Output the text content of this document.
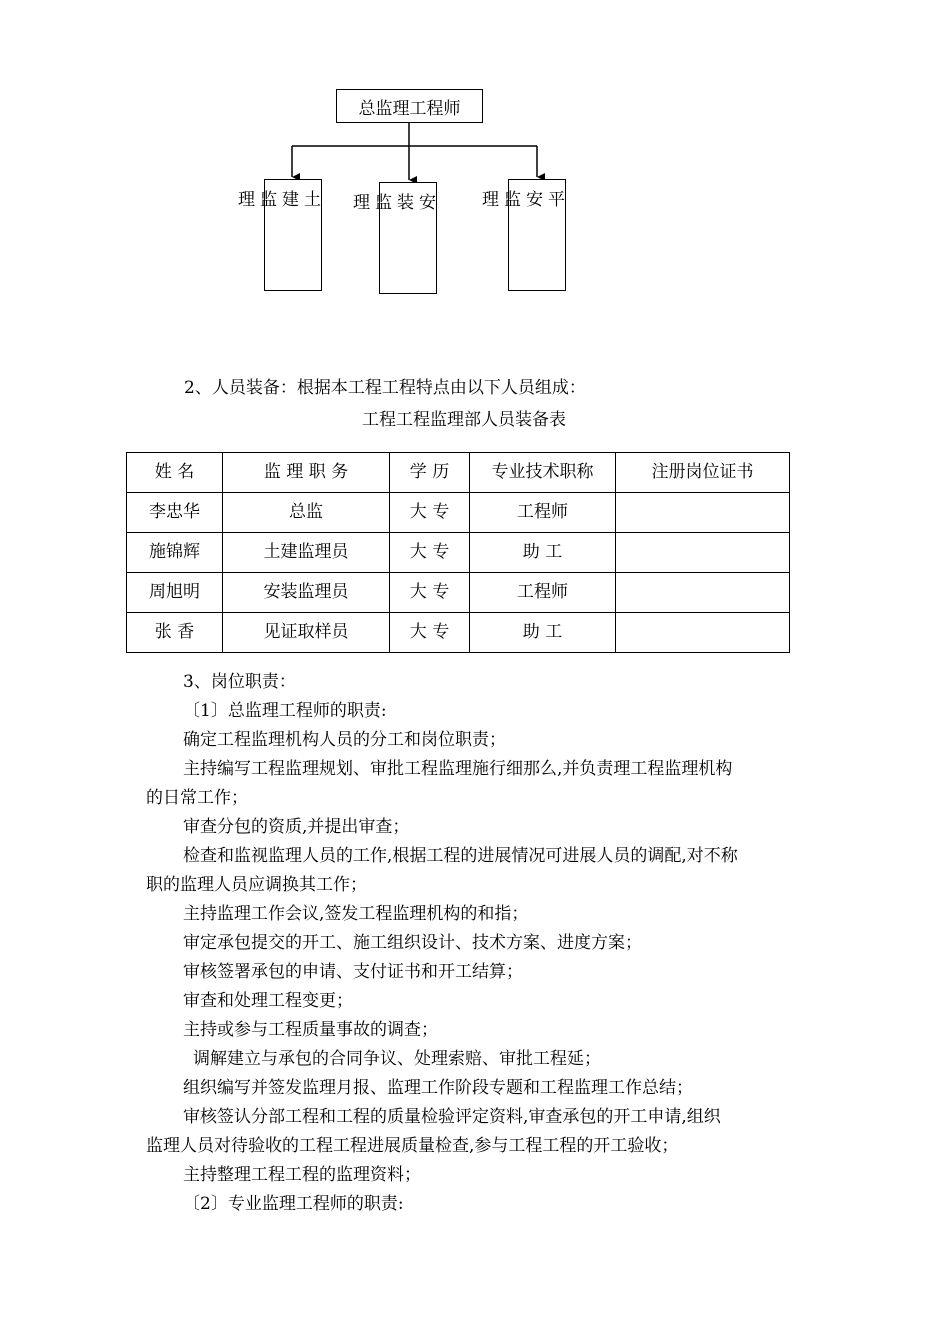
总监理工程师
土
建
监
理	安
装
监
理	平
安
监
理
2、人员装备：根据本工程工程特点由以下人员组成：
工程工程监理部人员装备表
姓 名	监 理 职 务	学 历	专业技术职称	注册岗位证书
李忠华	总监	大 专	工程师	
施锦辉	土建监理员	大 专	助 工	
周旭明	安装监理员	大 专	工程师	
张 香	见证取样员	大 专	助 工	

3、岗位职责：

〔1〕总监理工程师的职责:

确定工程监理机构人员的分工和岗位职责；

主持编写工程监理规划、审批工程监理施行细那么,并负责理工程监理机构

的日常工作；

审查分包的资质,并提出审查；

检查和监视监理人员的工作,根据工程的进展情况可进展人员的调配,对不称

职的监理人员应调换其工作；

主持监理工作会议,签发工程监理机构的和指；

审定承包提交的开工、施工组织设计、技术方案、进度方案；

审核签署承包的申请、支付证书和开工结算；

审查和处理工程变更；

主持或参与工程质量事故的调查；

调解建立与承包的合同争议、处理索赔、审批工程延；

组织编写并签发监理月报、监理工作阶段专题和工程监理工作总结；

审核签认分部工程和工程的质量检验评定资料,审查承包的开工申请,组织

监理人员对待验收的工程工程进展质量检查,参与工程工程的开工验收；

主持整理工程工程的监理资料；

〔2〕专业监理工程师的职责:
